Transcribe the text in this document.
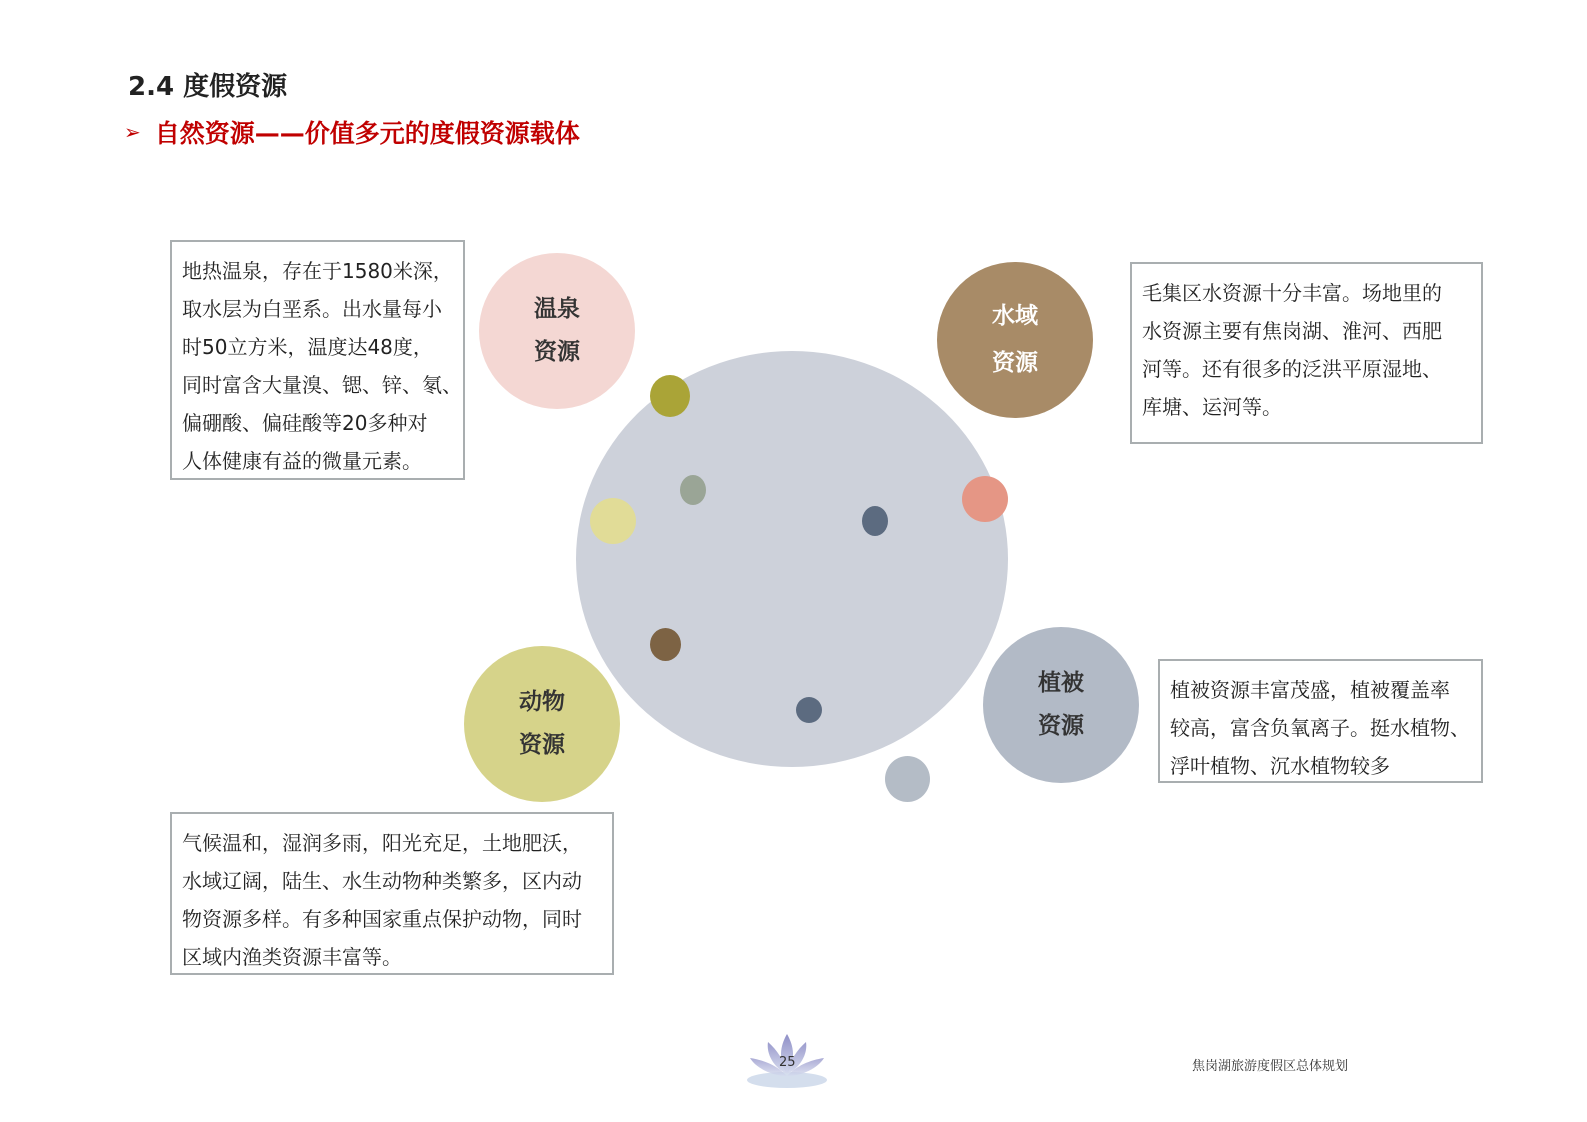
2.4 度假资源
➢ 自然资源——价值多元的度假资源载体
温泉
资源
水域
资源
动物
资源
植被
资源
地热温泉，存在于1580米深，
取水层为白垩系。出水量每小
时50立方米，温度达48度，
同时富含大量溴、锶、锌、氡、
偏硼酸、偏硅酸等20多种对
人体健康有益的微量元素。
毛集区水资源十分丰富。场地里的
水资源主要有焦岗湖、淮河、西肥
河等。还有很多的泛洪平原湿地、
库塘、运河等。
植被资源丰富茂盛，植被覆盖率
较高，富含负氧离子。挺水植物、
浮叶植物、沉水植物较多
气候温和，湿润多雨，阳光充足，土地肥沃，
水域辽阔，陆生、水生动物种类繁多，区内动
物资源多样。有多种国家重点保护动物，同时
区域内渔类资源丰富等。
25	焦岗湖旅游度假区总体规划
